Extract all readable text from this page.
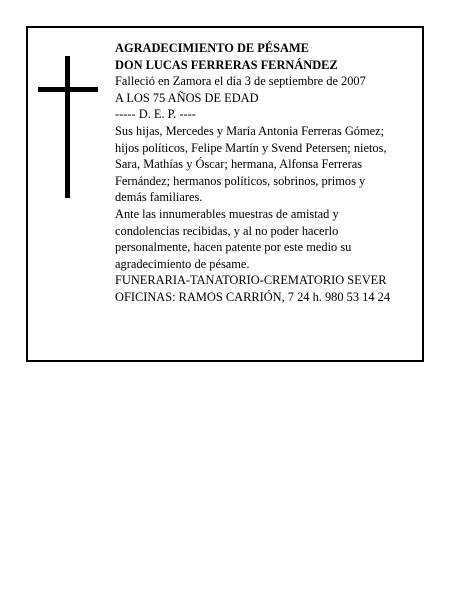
AGRADECIMIENTO DE PÉSAME
DON LUCAS FERRERAS FERNÁNDEZ
Falleció en Zamora el día 3 de septiembre de 2007
A LOS 75 AÑOS DE EDAD
----- D. E. P. ----
Sus hijas, Mercedes y María Antonia Ferreras Gómez;
hijos políticos, Felipe Martín y Svend Petersen; nietos,
Sara, Mathías y Óscar; hermana, Alfonsa Ferreras
Fernández; hermanos políticos, sobrinos, primos y
demás familiares.
Ante las innumerables muestras de amistad y
condolencias recibidas, y al no poder hacerlo
personalmente, hacen patente por este medio su
agradecimiento de pésame.
FUNERARIA-TANATORIO-CREMATORIO SEVER
OFICINAS: RAMOS CARRIÓN, 7 24 h. 980 53 14 24
